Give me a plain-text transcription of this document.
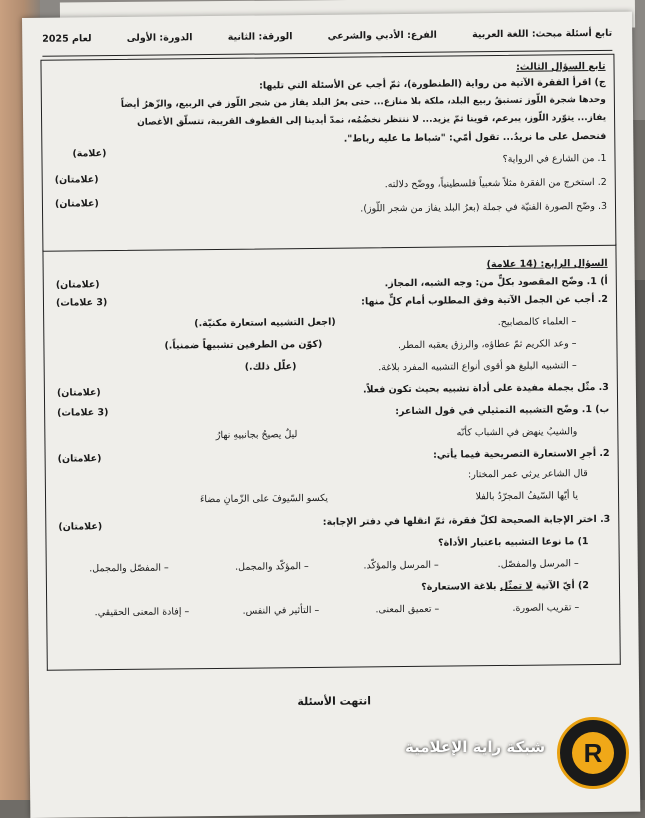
تابع أسئلة مبحث: اللغة العربية
الفرع: الأدبي والشرعي
الورقة: الثانية
الدورة: الأولى
لعام 2025
تابع السؤال الثالث:
ج) اقرأ الفقرة الآتية من رواية (الطنطورة)، ثمّ أجب عن الأسئلة التي تليها:
وحدها شجرة اللّوز تستبقُ ربيع البلد، ملكة بلا منازع... حتى بعرُ البلد يفاز من شجر اللّوز في الربيع، والزّهرُ أيضاً
يفاز... يتوّرد اللّوز، يبرعم، قوينا ثمّ يزيد... لا ننتظر نخضُمُه، نمدّ أيدينا إلى القطوف القريبة، تتسلّق الأغصان
فنحصل على ما نريدُ... تقول أمّي: "شباط ما عليه رباط".
1. من الشارع في الرواية؟
(علامة)
2. استخرج من الفقرة مثلاً شعبياً فلسطينياً، ووضّح دلالته.
(علامتان)
3. وضّح الصورة الفنيّة في جملة (بعرُ البلد يفاز من شجر اللّوز).
(علامتان)
السؤال الرابع: (14 علامة)
أ) 1. وضّح المقصود بكلٍّ من: وجه الشبه، المجاز.
(علامتان)
2. أجب عن الجمل الآتية وفق المطلوب أمام كلٍّ منها:
(3 علامات)
– العلماء كالمصابيح.
(اجعل التشبيه استعارة مكنيّة.)
– وعد الكريم ثمّ عطاؤه، والرزق يعقبه المطر.
(كوّن من الطرفين تشبيهاً ضمنياً.)
– التشبيه البليغ هو أقوى أنواع التشبيه المفرد بلاغة.
(علّل ذلك.)
3. مثّل بجملة مفيدة على أداة تشبيه بحيث تكون فعلاً.
(علامتان)
ب) 1. وضّح التشبيه التمثيلي في قول الشاعر:
(3 علامات)
والشيبُ ينهض في الشباب كأنّه
ليلٌ يصيحُ بجانبيهِ نهارُ
2. أجرِ الاستعارة التصريحية فيما يأتي:
(علامتان)
قال الشاعر يرثي عمر المختار:
يا أيّها السّيفُ المجرّدُ بالفلا
يكسو السّيوفَ على الزّمانِ مضاءَ
3. اختر الإجابة الصحيحة لكلّ فقرة، ثمّ انقلها في دفتر الإجابة:
(علامتان)
1) ما نوعا التشبيه باعتبار الأداة؟
– المرسل والمفصّل.
– المرسل والمؤكّد.
– المؤكّد والمجمل.
– المفصّل والمجمل.
2) أيّ الآتية لا تمثّل بلاغة الاستعارة؟
– تقريب الصورة.
– تعميق المعنى.
– التأثير في النفس.
– إفادة المعنى الحقيقي.
انتهت الأسئلة
شبكة راية الإعلامية	R
